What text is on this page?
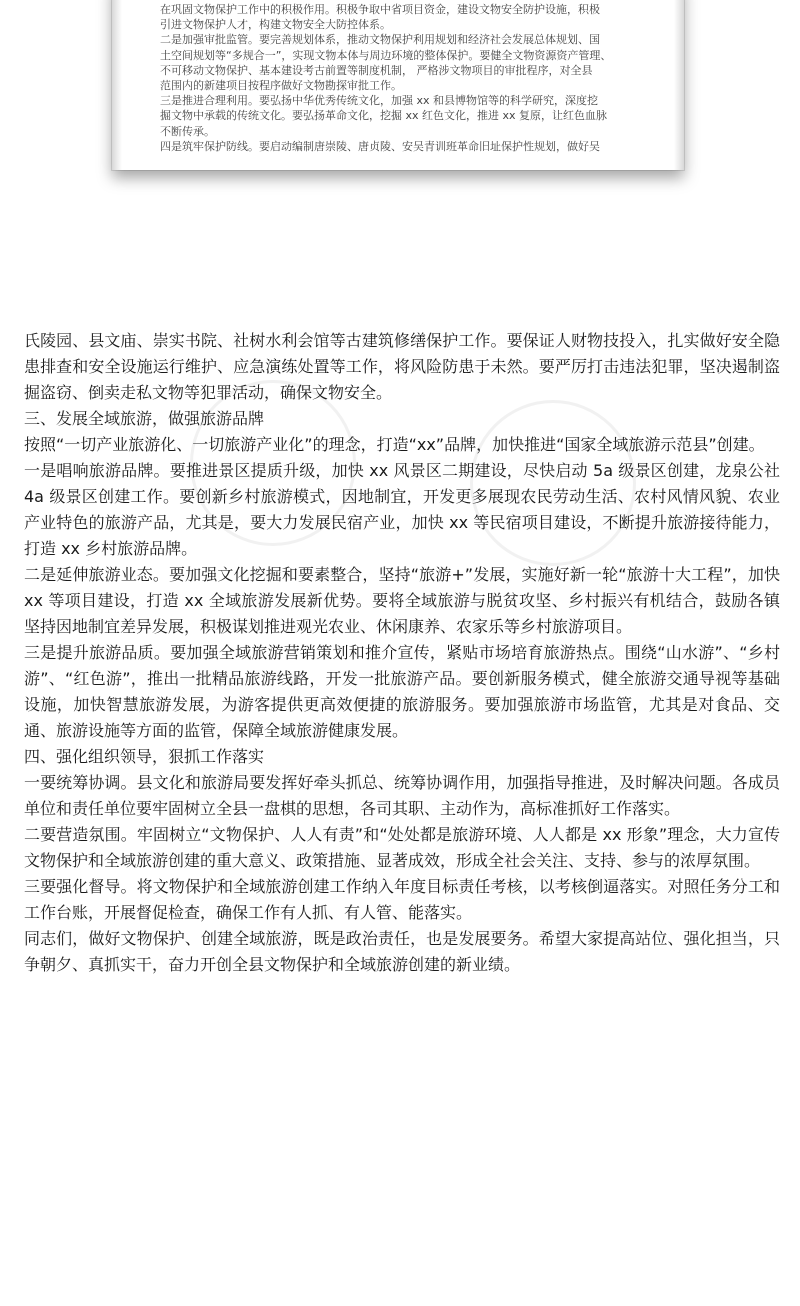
在巩固文物保护工作中的积极作用。积极争取中省项目资金，建设文物安全防护设施，积极

引进文物保护人才，构建文物安全大防控体系。

二是加强审批监管。要完善规划体系，推动文物保护利用规划和经济社会发展总体规划、国

土空间规划等“多规合一”，实现文物本体与周边环境的整体保护。要健全文物资源资产管理、

不可移动文物保护、基本建设考古前置等制度机制， 严格涉文物项目的审批程序，对全县

范围内的新建项目按程序做好文物勘探审批工作。

三是推进合理利用。要弘扬中华优秀传统文化，加强 xx 和县博物馆等的科学研究，深度挖

掘文物中承载的传统文化。要弘扬革命文化，挖掘 xx 红色文化，推进 xx 复原，让红色血脉

不断传承。

四是筑牢保护防线。要启动编制唐崇陵、唐贞陵、安吴青训班革命旧址保护性规划，做好吴

氏陵园、县文庙、崇实书院、社树水利会馆等古建筑修缮保护工作。要保证人财物技投入，扎实做好安全隐患排查和安全设施运行维护、应急演练处置等工作，将风险防患于未然。要严厉打击违法犯罪，坚决遏制盗掘盗窃、倒卖走私文物等犯罪活动，确保文物安全。

三、发展全域旅游，做强旅游品牌

按照“一切产业旅游化、一切旅游产业化”的理念，打造“xx”品牌，加快推进“国家全域旅游示范县”创建。

一是唱响旅游品牌。要推进景区提质升级，加快 xx 风景区二期建设，尽快启动 5a 级景区创建，龙泉公社 4a 级景区创建工作。要创新乡村旅游模式，因地制宜，开发更多展现农民劳动生活、农村风情风貌、农业产业特色的旅游产品，尤其是，要大力发展民宿产业，加快 xx 等民宿项目建设，不断提升旅游接待能力，打造 xx 乡村旅游品牌。

二是延伸旅游业态。要加强文化挖掘和要素整合，坚持“旅游+”发展，实施好新一轮“旅游十大工程”，加快 xx 等项目建设，打造 xx 全域旅游发展新优势。要将全域旅游与脱贫攻坚、乡村振兴有机结合，鼓励各镇坚持因地制宜差异发展，积极谋划推进观光农业、休闲康养、农家乐等乡村旅游项目。

三是提升旅游品质。要加强全域旅游营销策划和推介宣传，紧贴市场培育旅游热点。围绕“山水游”、“乡村游”、“红色游”，推出一批精品旅游线路，开发一批旅游产品。要创新服务模式，健全旅游交通导视等基础设施，加快智慧旅游发展，为游客提供更高效便捷的旅游服务。要加强旅游市场监管，尤其是对食品、交通、旅游设施等方面的监管，保障全域旅游健康发展。

四、强化组织领导，狠抓工作落实

一要统筹协调。县文化和旅游局要发挥好牵头抓总、统筹协调作用，加强指导推进，及时解决问题。各成员单位和责任单位要牢固树立全县一盘棋的思想，各司其职、主动作为，高标准抓好工作落实。

二要营造氛围。牢固树立“文物保护、人人有责”和“处处都是旅游环境、人人都是 xx 形象”理念，大力宣传文物保护和全域旅游创建的重大意义、政策措施、显著成效，形成全社会关注、支持、参与的浓厚氛围。

三要强化督导。将文物保护和全域旅游创建工作纳入年度目标责任考核，以考核倒逼落实。对照任务分工和工作台账，开展督促检查，确保工作有人抓、有人管、能落实。

同志们，做好文物保护、创建全域旅游，既是政治责任，也是发展要务。希望大家提高站位、强化担当，只争朝夕、真抓实干，奋力开创全县文物保护和全域旅游创建的新业绩。
